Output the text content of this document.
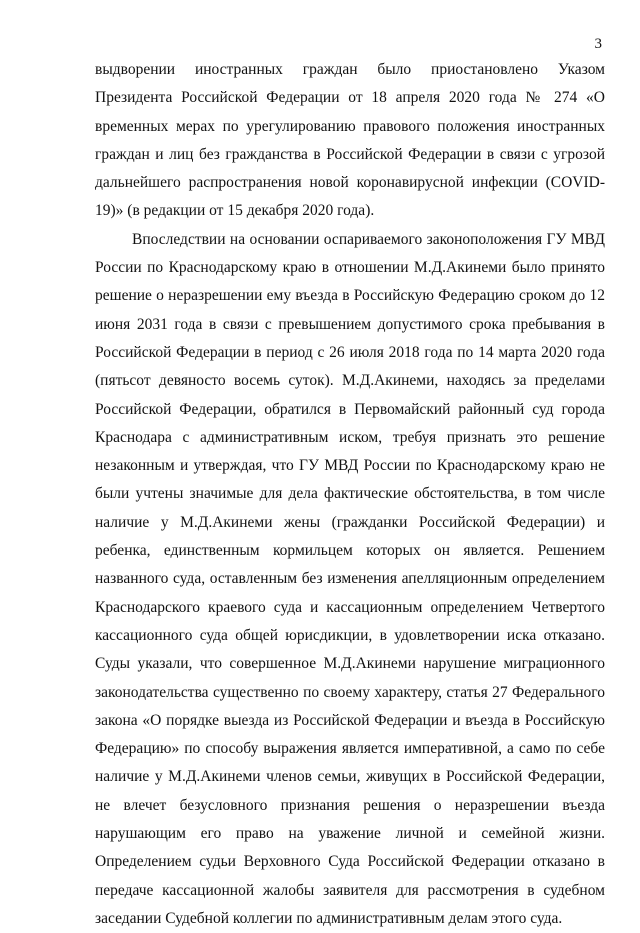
3

выдворении иностранных граждан было приостановлено Указом Президента Российской Федерации от 18 апреля 2020 года № 274 «О временных мерах по урегулированию правового положения иностранных граждан и лиц без гражданства в Российской Федерации в связи с угрозой дальнейшего распространения новой коронавирусной инфекции (COVID-19)» (в редакции от 15 декабря 2020 года).

Впоследствии на основании оспариваемого законоположения ГУ МВД России по Краснодарскому краю в отношении М.Д.Акинеми было принято решение о неразрешении ему въезда в Российскую Федерацию сроком до 12 июня 2031 года в связи с превышением допустимого срока пребывания в Российской Федерации в период с 26 июля 2018 года по 14 марта 2020 года (пятьсот девяносто восемь суток). М.Д.Акинеми, находясь за пределами Российской Федерации, обратился в Первомайский районный суд города Краснодара с административным иском, требуя признать это решение незаконным и утверждая, что ГУ МВД России по Краснодарскому краю не были учтены значимые для дела фактические обстоятельства, в том числе наличие у М.Д.Акинеми жены (гражданки Российской Федерации) и ребенка, единственным кормильцем которых он является. Решением названного суда, оставленным без изменения апелляционным определением Краснодарского краевого суда и кассационным определением Четвертого кассационного суда общей юрисдикции, в удовлетворении иска отказано. Суды указали, что совершенное М.Д.Акинеми нарушение миграционного законодательства существенно по своему характеру, статья 27 Федерального закона «О порядке выезда из Российской Федерации и въезда в Российскую Федерацию» по способу выражения является императивной, а само по себе наличие у М.Д.Акинеми членов семьи, живущих в Российской Федерации, не влечет безусловного признания решения о неразрешении въезда нарушающим его право на уважение личной и семейной жизни. Определением судьи Верховного Суда Российской Федерации отказано в передаче кассационной жалобы заявителя для рассмотрения в судебном заседании Судебной коллегии по административным делам этого суда.
